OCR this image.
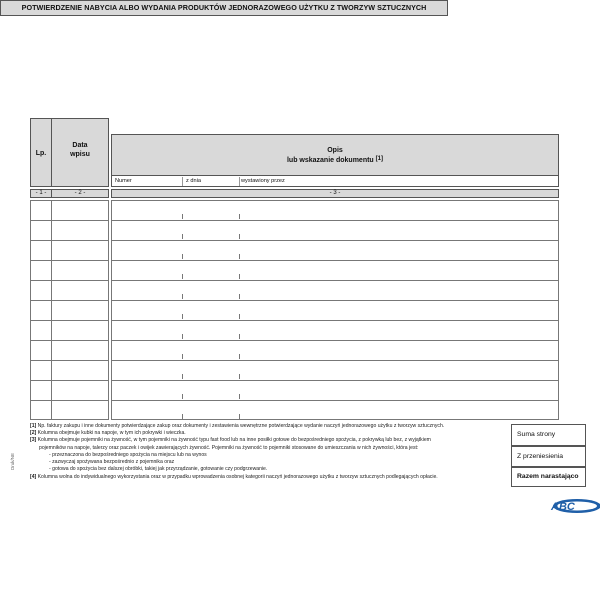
Lp.
Data
wpisu
POTWIERDZENIE NABYCIA ALBO WYDANIA PRODUKTÓW JEDNORAZOWEGO UŻYTKU Z TWORZYW SZTUCZNYCH
Opis
lub wskazanie dokumentu [1]
Numer	z dnia	wystawiony przez
- 1 -	- 2 -	- 3 -
[1] Np. faktury zakupu i inne dokumenty potwierdzające zakup oraz dokumenty i zestawienia wewnętrzne potwierdzające wydanie naczyń jednorazowego użytku z tworzyw sztucznych.
[2] Kolumna obejmuje kubki na napoje, w tym ich pokrywki i wieczka.
[3] Kolumna obejmuje pojemniki na żywność, w tym pojemniki na żywność typu fast food lub na inne posiłki gotowe do bezpośredniego spożycia, z pokrywką lub bez, z wyjątkiem
pojemników na napoje, talerzy oraz paczek i owijek zawierających żywność. Pojemniki na żywność to pojemniki stosowane do umieszczania w nich żywności, która jest:
- przeznaczona do bezpośredniego spożycia na miejscu lub na wynos
- zazwyczaj spożywana bezpośrednio z pojemnika oraz
- gotowa do spożycia bez dalszej obróbki, takiej jak przyrządzanie, gotowanie czy podgrzewanie.
[4] Kolumna wolna do indywidualnego wykorzystania oraz w przypadku wprowadzenia osobnej kategorii naczyń jednorazowego użytku z tworzyw sztucznych podlegających opłacie.
Suma strony
Z przeniesienia
Razem narastająco
Druk/NE
ABC
